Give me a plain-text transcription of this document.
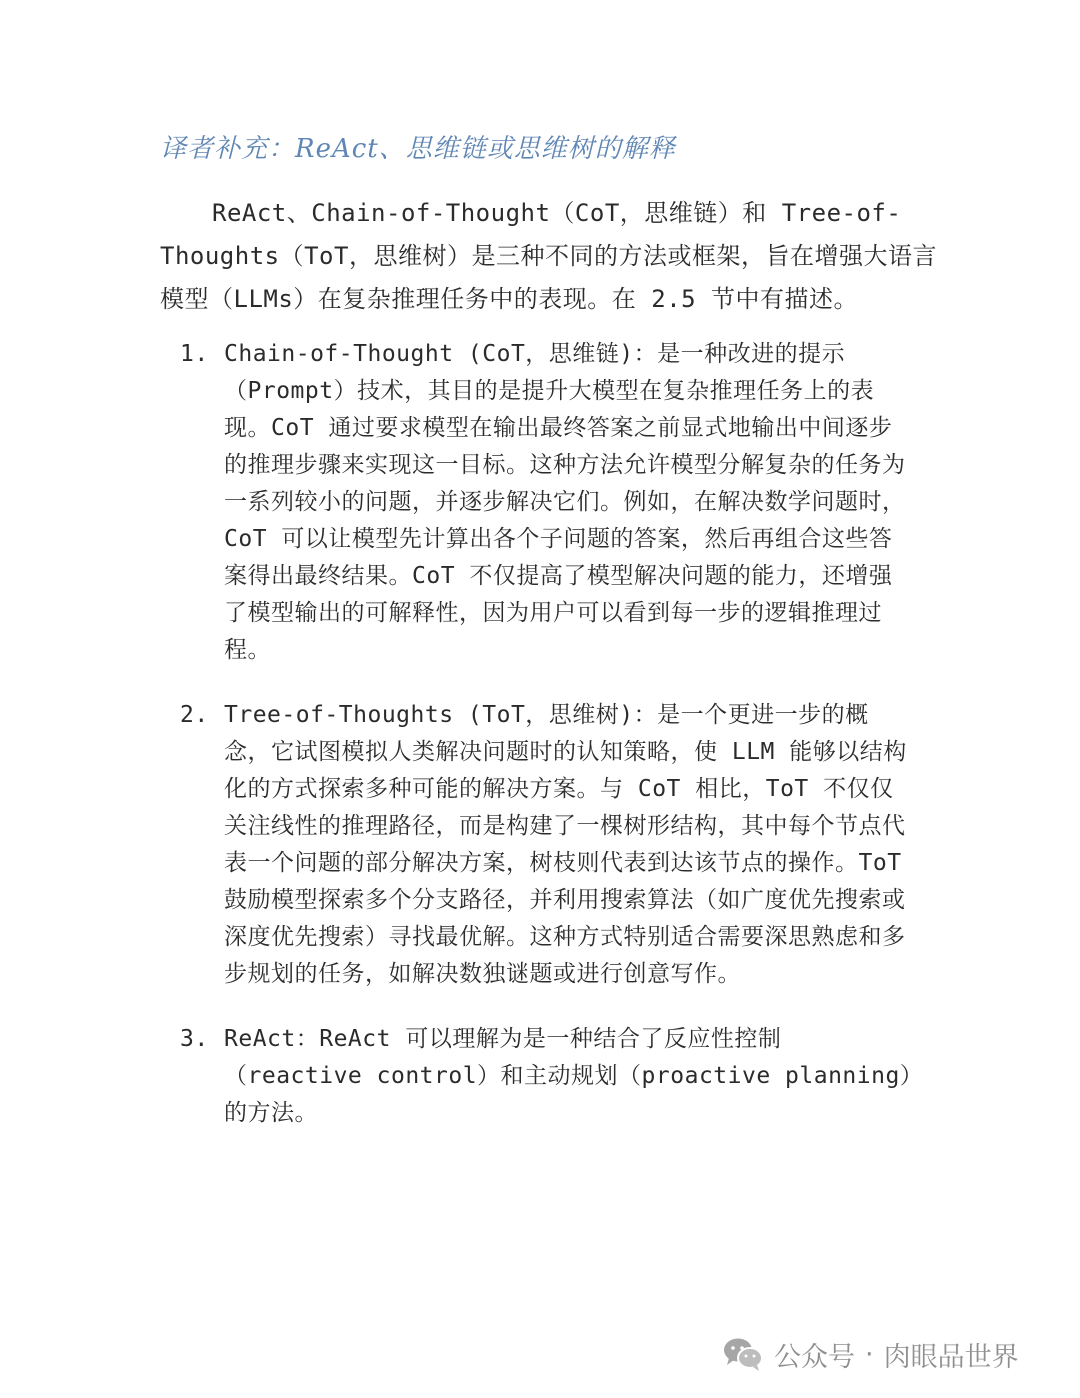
译者补充：ReAct、思维链或思维树的解释

ReAct、Chain-of-Thought（CoT，思维链）和 Tree-of-Thoughts（ToT，思维树）是三种不同的方法或框架，旨在增强大语言模型（LLMs）在复杂推理任务中的表现。在 2.5 节中有描述。

1. Chain-of-Thought (CoT，思维链)：是一种改进的提示（Prompt）技术，其目的是提升大模型在复杂推理任务上的表现。CoT 通过要求模型在输出最终答案之前显式地输出中间逐步的推理步骤来实现这一目标。这种方法允许模型分解复杂的任务为一系列较小的问题，并逐步解决它们。例如，在解决数学问题时，CoT 可以让模型先计算出各个子问题的答案，然后再组合这些答案得出最终结果。CoT 不仅提高了模型解决问题的能力，还增强了模型输出的可解释性，因为用户可以看到每一步的逻辑推理过程。
2. Tree-of-Thoughts (ToT，思维树)：是一个更进一步的概念，它试图模拟人类解决问题时的认知策略，使 LLM 能够以结构化的方式探索多种可能的解决方案。与 CoT 相比，ToT 不仅仅关注线性的推理路径，而是构建了一棵树形结构，其中每个节点代表一个问题的部分解决方案，树枝则代表到达该节点的操作。ToT 鼓励模型探索多个分支路径，并利用搜索算法（如广度优先搜索或深度优先搜索）寻找最优解。这种方式特别适合需要深思熟虑和多步规划的任务，如解决数独谜题或进行创意写作。
3. ReAct：ReAct 可以理解为是一种结合了反应性控制（reactive control）和主动规划（proactive planning）的方法。
公众号 · 肉眼品世界
